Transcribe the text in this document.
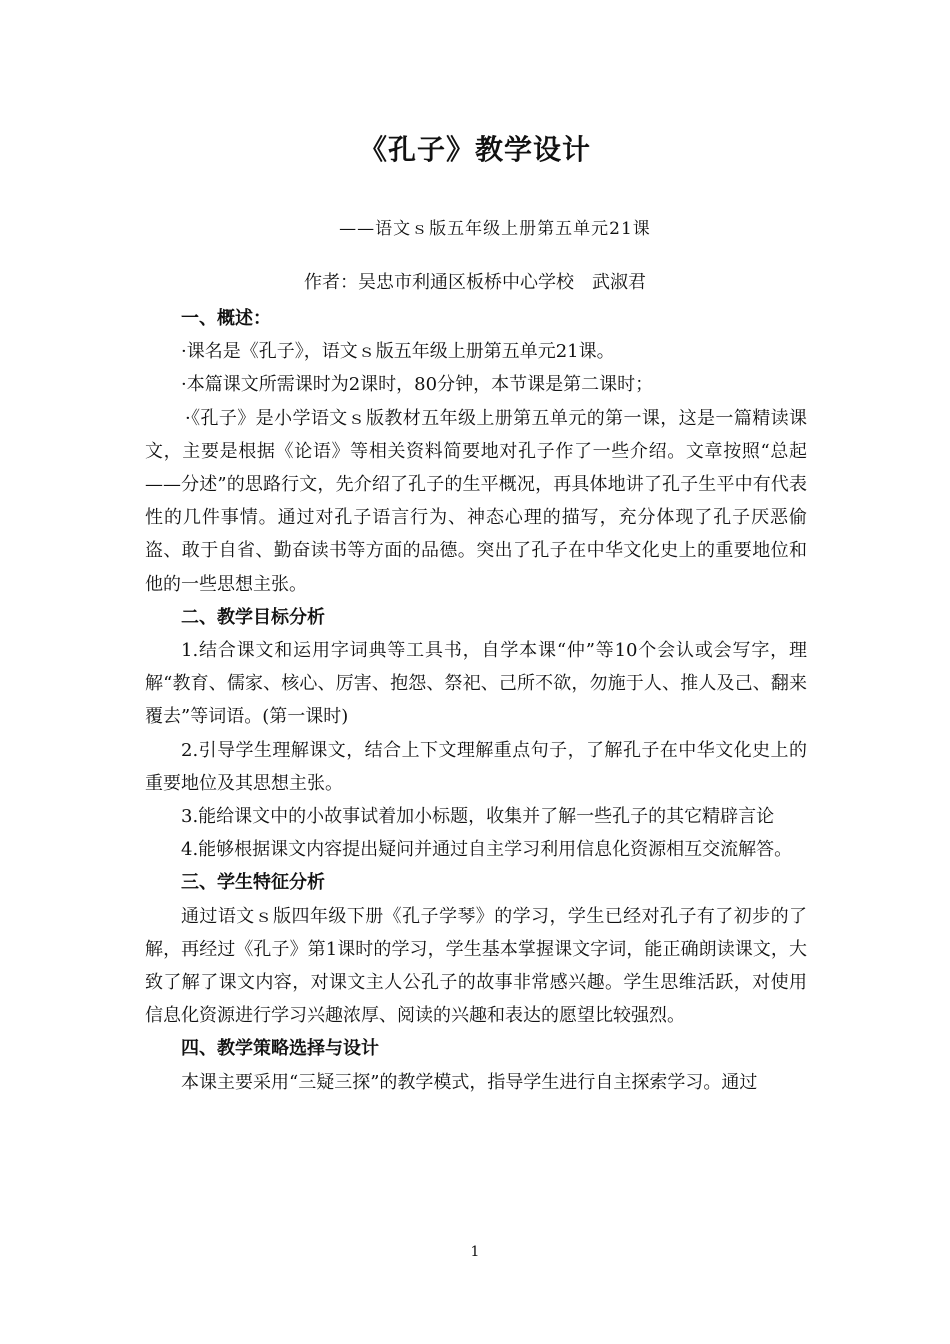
《孔子》教学设计
——语文ｓ版五年级上册第五单元21课
作者：吴忠市利通区板桥中心学校　武淑君

一、概述：

·课名是《孔子》，语文ｓ版五年级上册第五单元21课。

·本篇课文所需课时为2课时，80分钟，本节课是第二课时；

·《孔子》是小学语文ｓ版教材五年级上册第五单元的第一课，这是一篇精读课文，主要是根据《论语》等相关资料简要地对孔子作了一些介绍。文章按照“总起——分述”的思路行文，先介绍了孔子的生平概况，再具体地讲了孔子生平中有代表性的几件事情。通过对孔子语言行为、神态心理的描写，充分体现了孔子厌恶偷盗、敢于自省、勤奋读书等方面的品德。突出了孔子在中华文化史上的重要地位和他的一些思想主张。

二、教学目标分析

1.结合课文和运用字词典等工具书，自学本课“仲”等10个会认或会写字，理解“教育、儒家、核心、厉害、抱怨、祭祀、己所不欲，勿施于人、推人及己、翻来覆去”等词语。(第一课时)

2.引导学生理解课文，结合上下文理解重点句子，了解孔子在中华文化史上的重要地位及其思想主张。

3.能给课文中的小故事试着加小标题，收集并了解一些孔子的其它精辟言论

4.能够根据课文内容提出疑问并通过自主学习利用信息化资源相互交流解答。

三、学生特征分析

通过语文ｓ版四年级下册《孔子学琴》的学习，学生已经对孔子有了初步的了解，再经过《孔子》第1课时的学习，学生基本掌握课文字词，能正确朗读课文，大致了解了课文内容，对课文主人公孔子的故事非常感兴趣。学生思维活跃，对使用信息化资源进行学习兴趣浓厚、阅读的兴趣和表达的愿望比较强烈。

四、教学策略选择与设计

本课主要采用“三疑三探”的教学模式，指导学生进行自主探索学习。通过

1
